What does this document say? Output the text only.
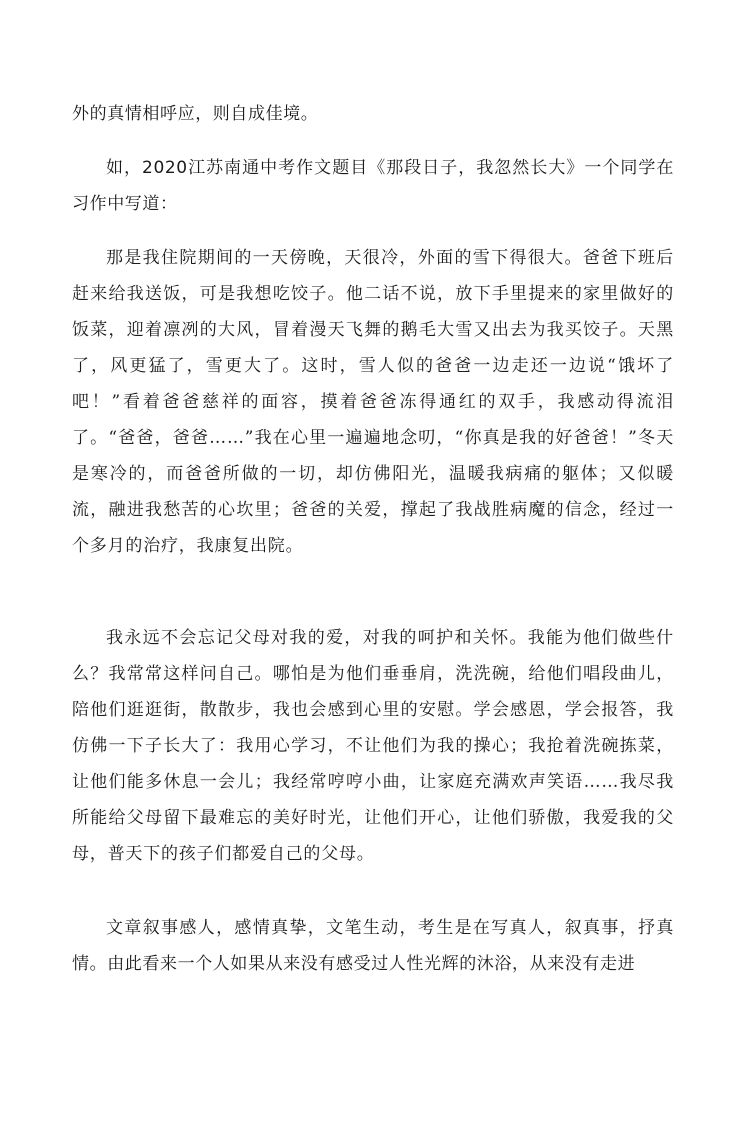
外的真情相呼应，则自成佳境。

如，2020江苏南通中考作文题目《那段日子，我忽然长大》一个同学在习作中写道：

那是我住院期间的一天傍晚，天很冷，外面的雪下得很大。爸爸下班后赶来给我送饭，可是我想吃饺子。他二话不说，放下手里提来的家里做好的饭菜，迎着凛冽的大风，冒着漫天飞舞的鹅毛大雪又出去为我买饺子。天黑了，风更猛了，雪更大了。这时，雪人似的爸爸一边走还一边说“饿坏了吧！”看着爸爸慈祥的面容，摸着爸爸冻得通红的双手，我感动得流泪了。“爸爸，爸爸……”我在心里一遍遍地念叨，“你真是我的好爸爸！”冬天是寒冷的，而爸爸所做的一切，却仿佛阳光，温暖我病痛的躯体；又似暖流，融进我愁苦的心坎里；爸爸的关爱，撑起了我战胜病魔的信念，经过一个多月的治疗，我康复出院。

我永远不会忘记父母对我的爱，对我的呵护和关怀。我能为他们做些什么？我常常这样问自己。哪怕是为他们垂垂肩，洗洗碗，给他们唱段曲儿，陪他们逛逛街，散散步，我也会感到心里的安慰。学会感恩，学会报答，我仿佛一下子长大了：我用心学习，不让他们为我的操心；我抢着洗碗拣菜，让他们能多休息一会儿；我经常哼哼小曲，让家庭充满欢声笑语……我尽我所能给父母留下最难忘的美好时光，让他们开心，让他们骄傲，我爱我的父母，普天下的孩子们都爱自己的父母。

文章叙事感人，感情真挚，文笔生动，考生是在写真人，叙真事，抒真情。由此看来一个人如果从来没有感受过人性光辉的沐浴，从来没有走进
